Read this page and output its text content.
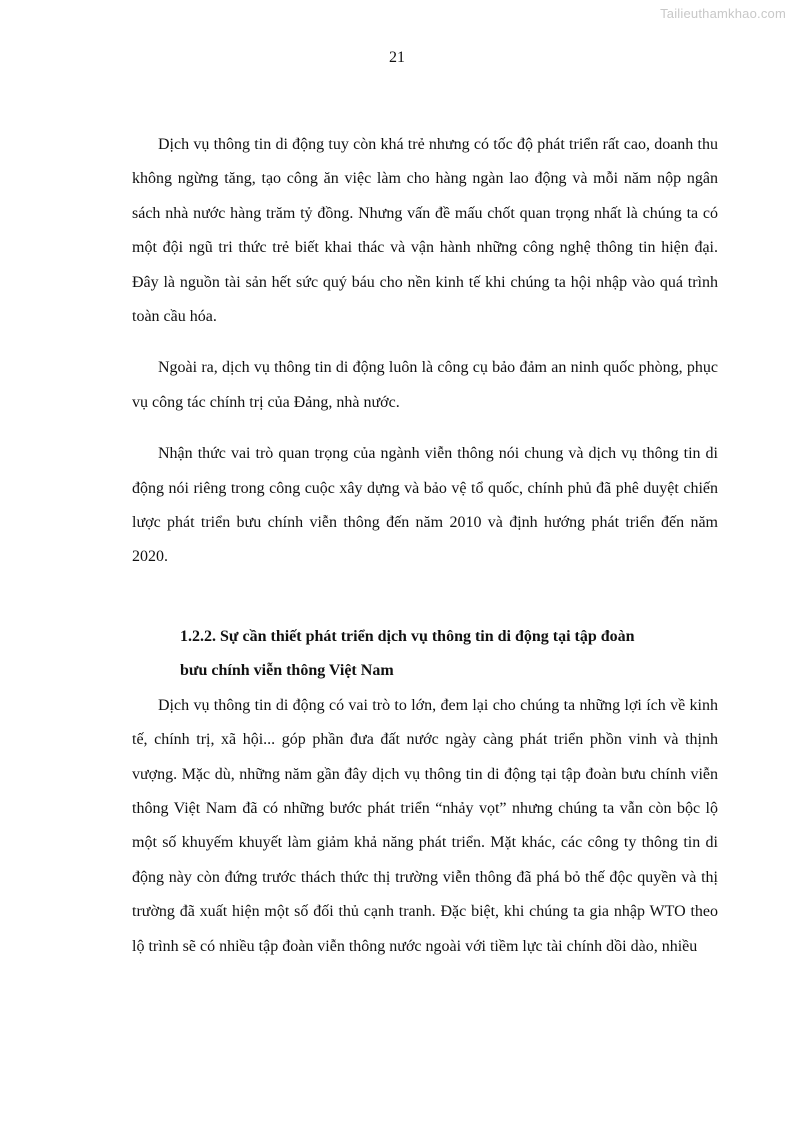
Tailieuthamkhao.com
21

Dịch vụ thông tin di động tuy còn khá trẻ nhưng có tốc độ phát triển rất cao, doanh thu không ngừng tăng, tạo công ăn việc làm cho hàng ngàn lao động và mỗi năm nộp ngân sách nhà nước hàng trăm tỷ đồng. Nhưng vấn đề mấu chốt quan trọng nhất là chúng ta có một đội ngũ tri thức trẻ biết khai thác và vận hành những công nghệ thông tin hiện đại. Đây là nguồn tài sản hết sức quý báu cho nền kinh tế khi chúng ta hội nhập vào quá trình toàn cầu hóa.

Ngoài ra, dịch vụ thông tin di động luôn là công cụ bảo đảm an ninh quốc phòng, phục vụ công tác chính trị của Đảng, nhà nước.

Nhận thức vai trò quan trọng của ngành viễn thông nói chung và dịch vụ thông tin di động nói riêng trong công cuộc xây dựng và bảo vệ tổ quốc, chính phủ đã phê duyệt chiến lược phát triển bưu chính viễn thông đến năm 2010 và định hướng phát triển đến năm 2020.

1.2.2. Sự cần thiết phát triển dịch vụ thông tin di động tại tập đoàn
bưu chính viễn thông Việt Nam

Dịch vụ thông tin di động có vai trò to lớn, đem lại cho chúng ta những lợi ích về kinh tế, chính trị, xã hội... góp phần đưa đất nước ngày càng phát triển phồn vinh và thịnh vượng. Mặc dù, những năm gần đây dịch vụ thông tin di động tại tập đoàn bưu chính viễn thông Việt Nam đã có những bước phát triển “nhảy vọt” nhưng chúng ta vẫn còn bộc lộ một số khuyếm khuyết làm giảm khả năng phát triển. Mặt khác, các công ty thông tin di động này còn đứng trước thách thức thị trường viễn thông đã phá bỏ thế độc quyền và thị trường đã xuất hiện một số đối thủ cạnh tranh. Đặc biệt, khi chúng ta gia nhập WTO theo lộ trình sẽ có nhiều tập đoàn viễn thông nước ngoài với tiềm lực tài chính dồi dào, nhiều
